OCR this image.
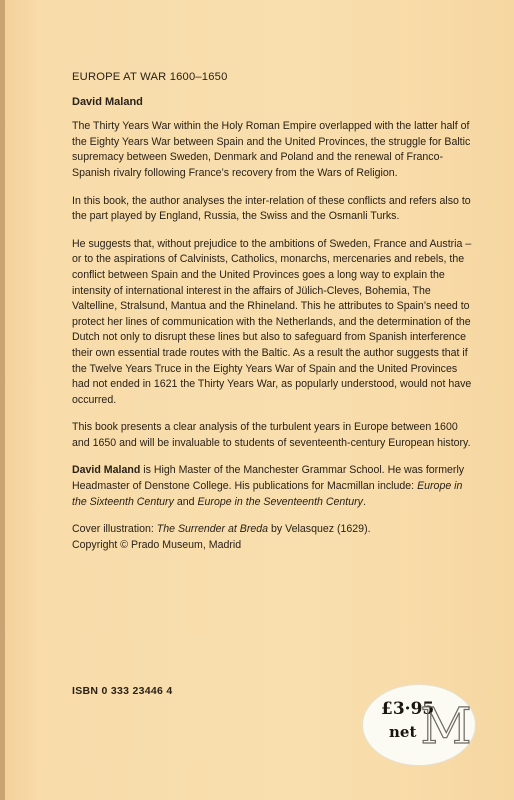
EUROPE AT WAR 1600–1650
David Maland

The Thirty Years War within the Holy Roman Empire overlapped with the latter half of the Eighty Years War between Spain and the United Provinces, the struggle for Baltic supremacy between Sweden, Denmark and Poland and the renewal of Franco-Spanish rivalry following France’s recovery from the Wars of Religion.

In this book, the author analyses the inter-relation of these conflicts and refers also to the part played by England, Russia, the Swiss and the Osmanli Turks.

He suggests that, without prejudice to the ambitions of Sweden, France and Austria – or to the aspirations of Calvinists, Catholics, monarchs, mercenaries and rebels, the conflict between Spain and the United Provinces goes a long way to explain the intensity of international interest in the affairs of Jülich-Cleves, Bohemia, The Valtelline, Stralsund, Mantua and the Rhineland. This he attributes to Spain’s need to protect her lines of communication with the Netherlands, and the determination of the Dutch not only to disrupt these lines but also to safeguard from Spanish interference their own essential trade routes with the Baltic. As a result the author suggests that if the Twelve Years Truce in the Eighty Years War of Spain and the United Provinces had not ended in 1621 the Thirty Years War, as popularly understood, would not have occurred.

This book presents a clear analysis of the turbulent years in Europe between 1600 and 1650 and will be invaluable to students of seventeenth-century European history.

David Maland is High Master of the Manchester Grammar School. He was formerly Headmaster of Denstone College. His publications for Macmillan include: Europe in the Sixteenth Century and Europe in the Seventeenth Century.

Cover illustration: The Surrender at Breda by Velasquez (1629).
Copyright © Prado Museum, Madrid

ISBN 0 333 23446 4
£3·95
net M
